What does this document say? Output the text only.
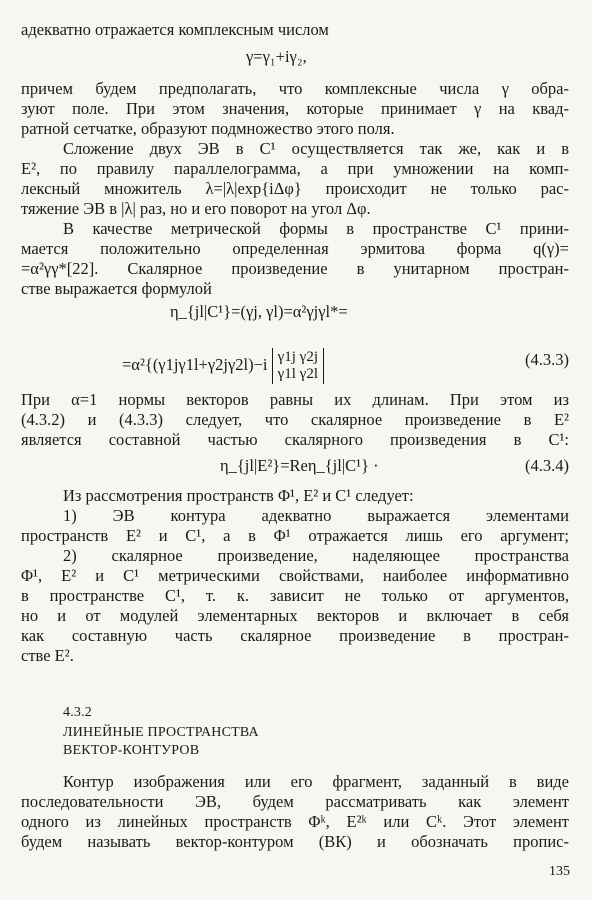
адекватно отражается комплексным числом
γ=γ₁+iγ₂,
причем будем предполагать, что комплексные числа γ обра-
зуют поле. При этом значения, которые принимает γ на квад-
ратной сетчатке, образуют подмножество этого поля.
Сложение двух ЭВ в C¹ осуществляется так же, как и в
E², по правилу параллелограмма, а при умножении на комп-
лексный множитель λ=|λ|exp{iΔφ} происходит не только рас-
тяжение ЭВ в |λ| раз, но и его поворот на угол Δφ.
В качестве метрической формы в пространстве C¹ прини-
мается положительно определенная эрмитова форма q(γ)=
=α²γγ*[22]. Скалярное произведение в унитарном простран-
стве выражается формулой
η_{jl|C¹}=(γj, γl)=α²γjγl*=
=α²{(γ1jγ1l+γ2jγ2l)−i γ1j γ2j
γ1l γ2l
(4.3.3)
При α=1 нормы векторов равны их длинам. При этом из
(4.3.2) и (4.3.3) следует, что скалярное произведение в E²
является составной частью скалярного произведения в C¹:
η_{jl|E²}=Reη_{jl|C¹} ·	(4.3.4)
Из рассмотрения пространств Φ¹, E² и C¹ следует:
1) ЭВ контура адекватно выражается элементами
пространств E² и C¹, а в Φ¹ отражается лишь его аргумент;
2) скалярное произведение, наделяющее пространства
Φ¹, E² и C¹ метрическими свойствами, наиболее информативно
в пространстве C¹, т. к. зависит не только от аргументов,
но и от модулей элементарных векторов и включает в себя
как составную часть скалярное произведение в простран-
стве E².
4.3.2
ЛИНЕЙНЫЕ ПРОСТРАНСТВА
ВЕКТОР-КОНТУРОВ
Контур изображения или его фрагмент, заданный в виде
последовательности ЭВ, будем рассматривать как элемент
одного из линейных пространств Φᵏ, E²ᵏ или Cᵏ. Этот элемент
будем называть вектор-контуром (ВК) и обозначать пропис-
135
